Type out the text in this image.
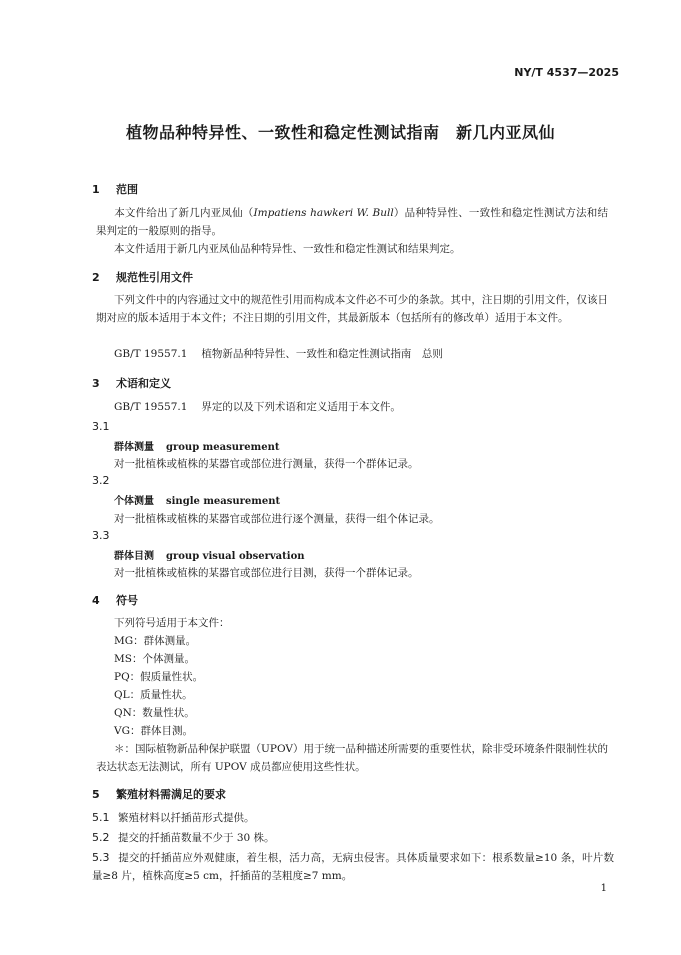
NY/T 4537—2025
植物品种特异性、一致性和稳定性测试指南　新几内亚凤仙
1 范围
本文件给出了新几内亚凤仙（Impatiens hawkeri W. Bull）品种特异性、一致性和稳定性测试方法和结果判定的一般原则的指导。
本文件适用于新几内亚凤仙品种特异性、一致性和稳定性测试和结果判定。
2 规范性引用文件
下列文件中的内容通过文中的规范性引用而构成本文件必不可少的条款。其中，注日期的引用文件，仅该日期对应的版本适用于本文件；不注日期的引用文件，其最新版本（包括所有的修改单）适用于本文件。
GB/T 19557.1 植物新品种特异性、一致性和稳定性测试指南　总则
3 术语和定义
GB/T 19557.1 界定的以及下列术语和定义适用于本文件。
3.1
群体测量 group measurement
对一批植株或植株的某器官或部位进行测量，获得一个群体记录。
3.2
个体测量 single measurement
对一批植株或植株的某器官或部位进行逐个测量，获得一组个体记录。
3.3
群体目测 group visual observation
对一批植株或植株的某器官或部位进行目测，获得一个群体记录。
4 符号
下列符号适用于本文件：
MG：群体测量。
MS：个体测量。
PQ：假质量性状。
QL：质量性状。
QN：数量性状。
VG：群体目测。
＊：国际植物新品种保护联盟（UPOV）用于统一品种描述所需要的重要性状，除非受环境条件限制性状的表达状态无法测试，所有 UPOV 成员都应使用这些性状。
5 繁殖材料需满足的要求
5.1 繁殖材料以扦插苗形式提供。
5.2 提交的扦插苗数量不少于 30 株。
5.3 提交的扦插苗应外观健康，着生根，活力高，无病虫侵害。具体质量要求如下：根系数量≥10 条，叶片数量≥8 片，植株高度≥5 cm，扦插苗的茎粗度≥7 mm。
1
